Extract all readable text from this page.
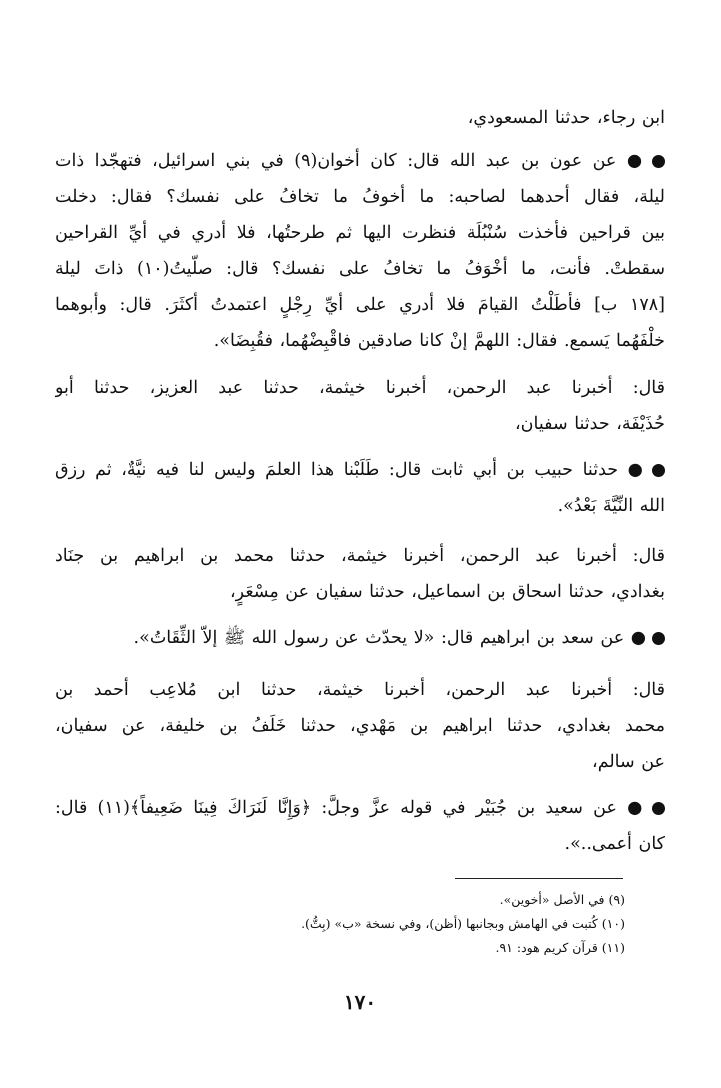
ابن رجاء، حدثنا المسعودي،
● عن عون بن عبد الله قال: كان أخوان(٩) في بني اسرائيل، فتهجّدا ذات
ليلة، فقال أحدهما لصاحبه: ما أخوفُ ما تخافُ على نفسك؟ فقال: دخلت
بين قراحين فأخذت سُنْبُلَة فنظرت اليها ثم طرحتُها، فلا أدري في أيِّ القراحين
سقطتْ. فأنت، ما أخْوَفُ ما تخافُ على نفسك؟ قال: صلّيتُ(١٠) ذاتَ ليلة
[١٧٨ ب] فأطَلْتُ القيامَ فلا أدري على أيِّ رِجْلٍ اعتمدتُ أكثَرَ. قال: وأبوهما
خلْفَهُما يَسمع. فقال: اللهمَّ إنْ كانا صادقين فاقْبِضْهُما، فقُبِضَا».
قال: أخبرنا عبد الرحمن، أخبرنا خيثمة، حدثنا عبد العزيز، حدثنا أبو
حُذَيْفَة، حدثنا سفيان،
● حدثنا حبيب بن أبي ثابت قال: طَلَبْنا هذا العلمَ وليس لنا فيه نيَّةٌ، ثم رزق
الله النِّيَّةَ بَعْدُ».
قال: أخبرنا عبد الرحمن، أخبرنا خيثمة، حدثنا محمد بن ابراهيم بن جنَاد
بغدادي، حدثنا اسحاق بن اسماعيل، حدثنا سفيان عن مِسْعَرٍ،
● عن سعد بن ابراهيم قال: «لا يحدّث عن رسول الله ﷺ إلاّ الثِّقَاتُ».
قال: أخبرنا عبد الرحمن، أخبرنا خيثمة، حدثنا ابن مُلاعِب أحمد بن
محمد بغدادي، حدثنا ابراهيم بن مَهْدي، حدثنا خَلَفُ بن خليفة، عن سفيان،
عن سالم،
● عن سعيد بن جُبَيْر في قوله عزَّ وجلَّ: ﴿وَإِنَّا لَنَرَاكَ فِينَا ضَعِيفاً﴾(١١) قال:
كان أعمى..».
(٩) في الأصل «أخوين».
(١٠) كُتبت في الهامش وبجانبها (أظن)، وفي نسخة «ب» (بِتُّ).
(١١) قرآن كريم هود: ٩١.
١٧٠
